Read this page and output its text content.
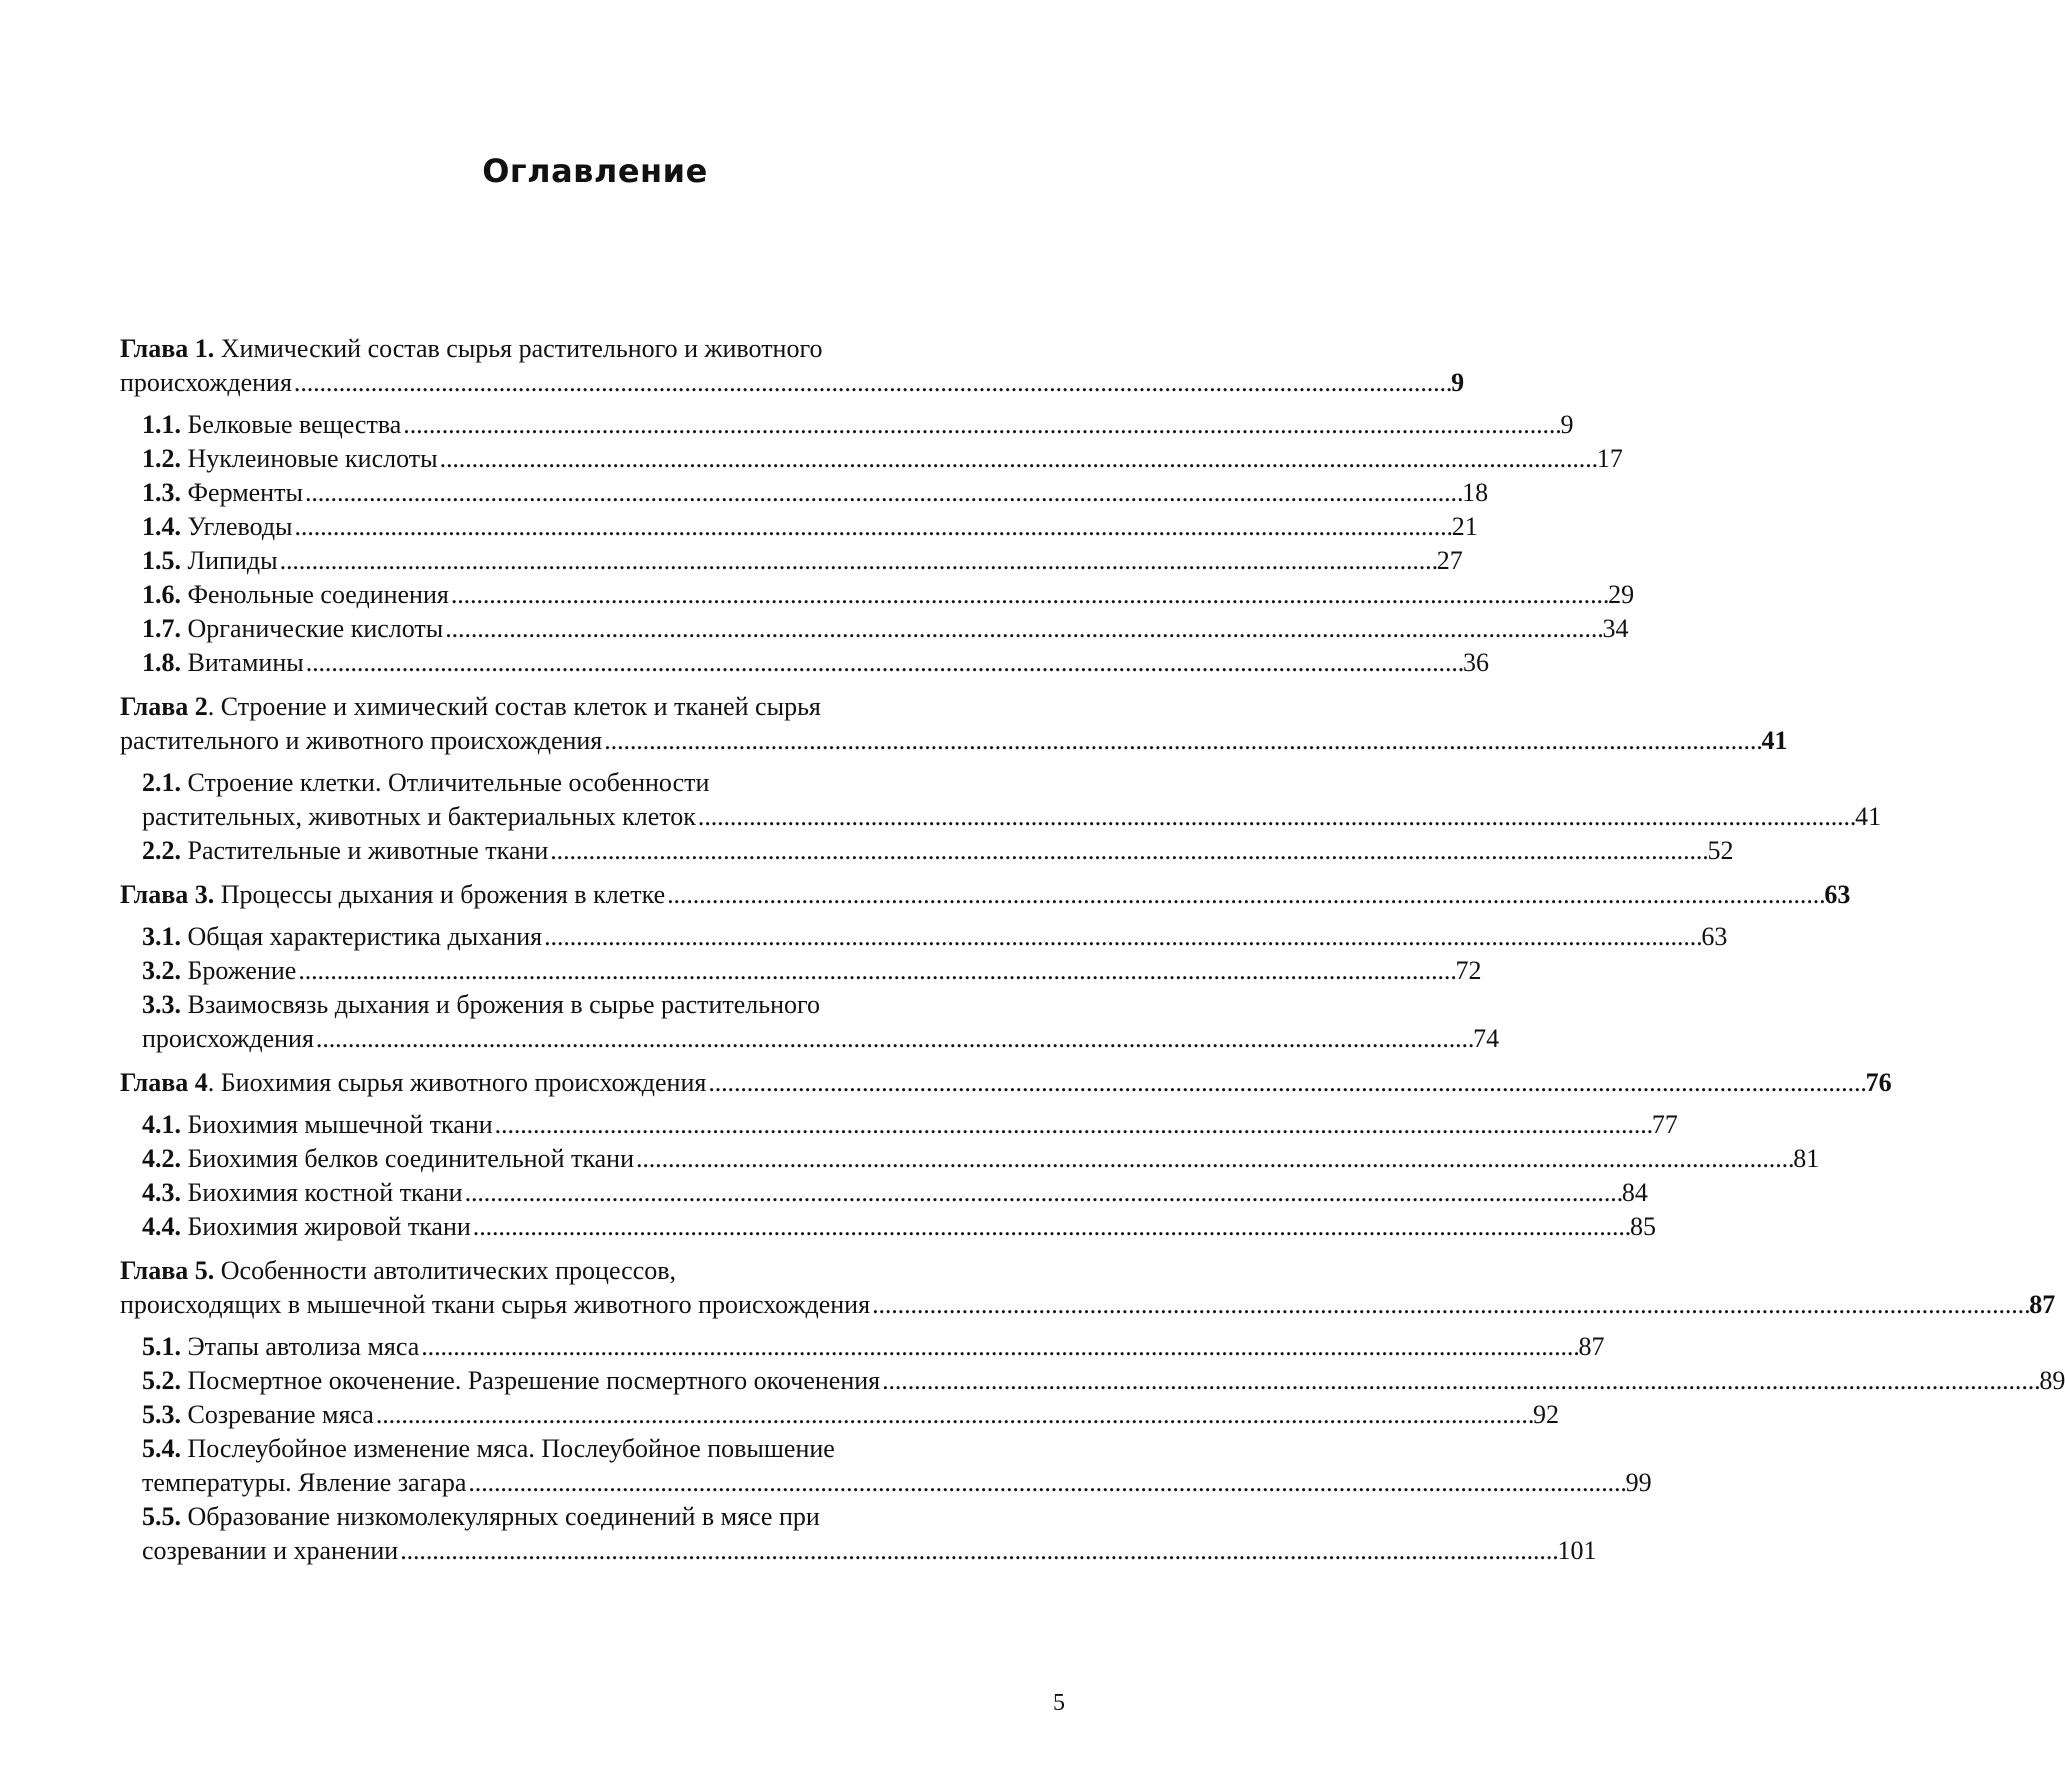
Оглавление
Глава 1. Химический состав сырья растительного и животного
происхождения . . .	9
1.1. Белковые вещества . . .	9
1.2. Нуклеиновые кислоты . . .	17
1.3. Ферменты . . .	18
1.4. Углеводы . . .	21
1.5. Липиды . . .	27
1.6. Фенольные соединения . . .	29
1.7. Органические кислоты . . .	34
1.8. Витамины . . .	36
Глава 2. Строение и химический состав клеток и тканей сырья
растительного и животного происхождения . . .	41
2.1. Строение клетки. Отличительные особенности
растительных, животных и бактериальных клеток . . .	41
2.2. Растительные и животные ткани . . .	52
Глава 3. Процессы дыхания и брожения в клетке . . .	63
3.1. Общая характеристика дыхания . . .	63
3.2. Брожение . . .	72
3.3. Взаимосвязь дыхания и брожения в сырье растительного
происхождения . . .	74
Глава 4. Биохимия сырья животного происхождения . . .	76
4.1. Биохимия мышечной ткани . . .	77
4.2. Биохимия белков соединительной ткани . . .	81
4.3. Биохимия костной ткани . . .	84
4.4. Биохимия жировой ткани . . .	85
Глава 5. Особенности автолитических процессов,
происходящих в мышечной ткани сырья животного происхождения . . .	87
5.1. Этапы автолиза мяса . . .	87
5.2. Посмертное окоченение. Разрешение посмертного окоченения . . .	89
5.3. Созревание мяса . . .	92
5.4. Послеубойное изменение мяса. Послеубойное повышение
температуры. Явление загара . . .	99
5.5. Образование низкомолекулярных соединений в мясе при
созревании и хранении . . .	101
5
